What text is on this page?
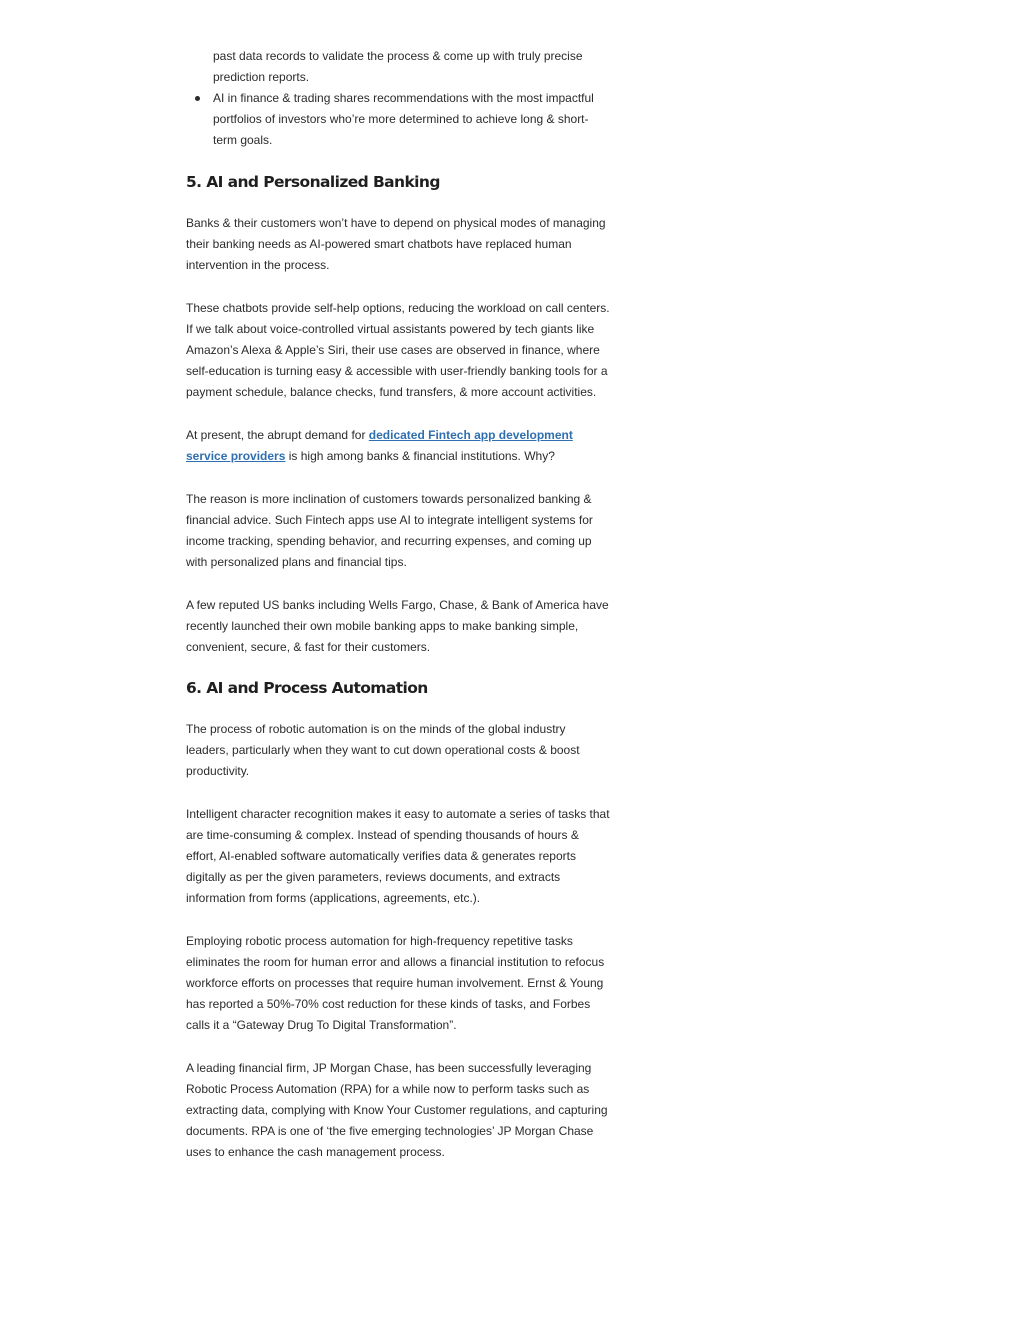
past data records to validate the process & come up with truly precise prediction reports.
AI in finance & trading shares recommendations with the most impactful portfolios of investors who’re more determined to achieve long & short-term goals.
5. AI and Personalized Banking

Banks & their customers won’t have to depend on physical modes of managing their banking needs as AI-powered smart chatbots have replaced human intervention in the process.

These chatbots provide self-help options, reducing the workload on call centers. If we talk about voice-controlled virtual assistants powered by tech giants like Amazon’s Alexa & Apple’s Siri, their use cases are observed in finance, where self-education is turning easy & accessible with user-friendly banking tools for a payment schedule, balance checks, fund transfers, & more account activities.

At present, the abrupt demand for dedicated Fintech app development service providers is high among banks & financial institutions. Why?

The reason is more inclination of customers towards personalized banking & financial advice. Such Fintech apps use AI to integrate intelligent systems for income tracking, spending behavior, and recurring expenses, and coming up with personalized plans and financial tips.

A few reputed US banks including Wells Fargo, Chase, & Bank of America have recently launched their own mobile banking apps to make banking simple, convenient, secure, & fast for their customers.

6. AI and Process Automation

The process of robotic automation is on the minds of the global industry leaders, particularly when they want to cut down operational costs & boost productivity.

Intelligent character recognition makes it easy to automate a series of tasks that are time-consuming & complex. Instead of spending thousands of hours & effort, AI-enabled software automatically verifies data & generates reports digitally as per the given parameters, reviews documents, and extracts information from forms (applications, agreements, etc.).

Employing robotic process automation for high-frequency repetitive tasks eliminates the room for human error and allows a financial institution to refocus workforce efforts on processes that require human involvement. Ernst & Young has reported a 50%-70% cost reduction for these kinds of tasks, and Forbes calls it a “Gateway Drug To Digital Transformation”.

A leading financial firm, JP Morgan Chase, has been successfully leveraging Robotic Process Automation (RPA) for a while now to perform tasks such as extracting data, complying with Know Your Customer regulations, and capturing documents. RPA is one of ‘the five emerging technologies’ JP Morgan Chase uses to enhance the cash management process.
